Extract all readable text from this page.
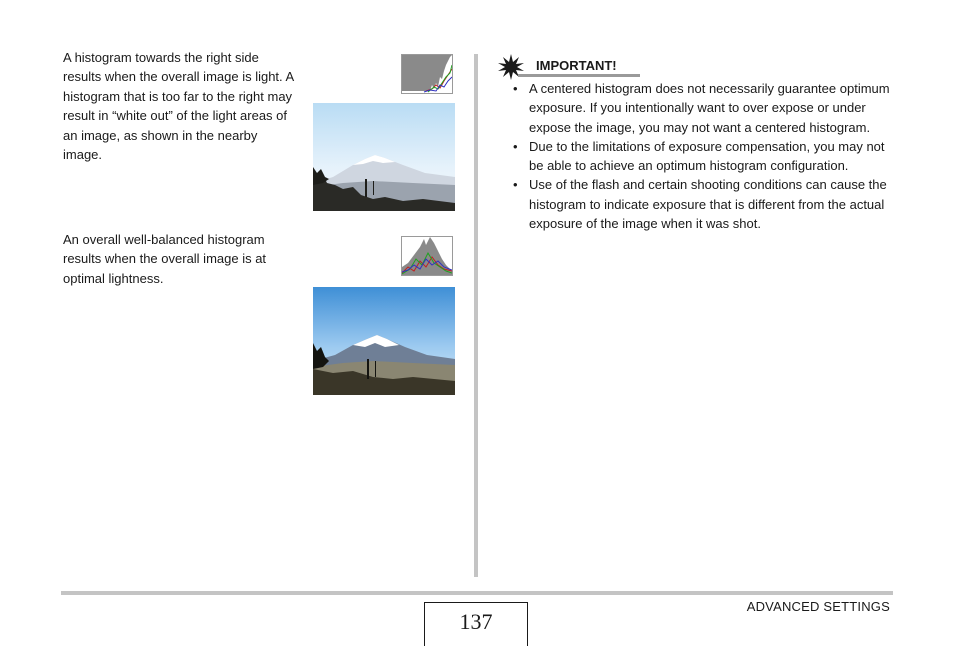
A histogram towards the right side results when the overall image is light. A histogram that is too far to the right may result in “white out” of the light areas of an image, as shown in the nearby image.

An overall well-balanced histogram results when the overall image is at optimal lightness.

IMPORTANT!
• A centered histogram does not necessarily guarantee optimum exposure. If you intentionally want to over expose or under expose the image, you may not want a centered histogram.
• Due to the limitations of exposure compensation, you may not be able to achieve an optimum histogram configuration.
• Use of the flash and certain shooting conditions can cause the histogram to indicate exposure that is different from the actual exposure of the image when it was shot.
137
ADVANCED SETTINGS
